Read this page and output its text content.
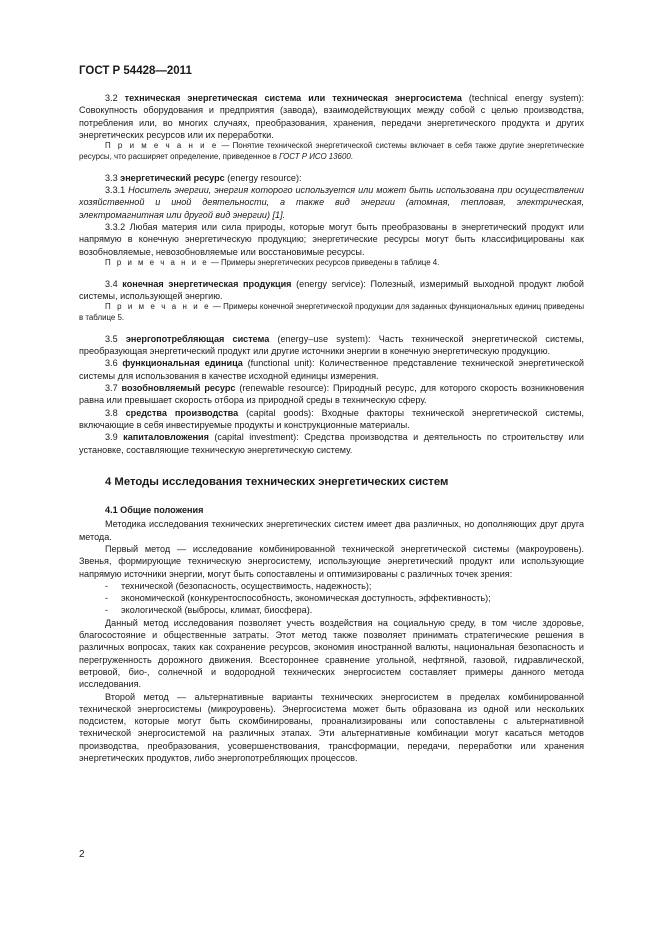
ГОСТ Р 54428—2011

3.2 техническая энергетическая система или техническая энергосистема (technical energy system): Совокупность оборудования и предприятия (завода), взаимодействующих между собой с целью производства, потребления или, во многих случаях, преобразования, хранения, передачи энергетического продукта и других энергетических ресурсов или их переработки.

П р и м е ч а н и е — Понятие технической энергетической системы включает в себя также другие энергетические ресурсы, что расширяет определение, приведенное в ГОСТ Р ИСО 13600.

3.3 энергетический ресурс (energy resource):

3.3.1 Носитель энергии, энергия которого используется или может быть использована при осуществлении хозяйственной и иной деятельности, а также вид энергии (атомная, тепловая, электрическая, электромагнитная или другой вид энергии) [1].

3.3.2 Любая материя или сила природы, которые могут быть преобразованы в энергетический продукт или напрямую в конечную энергетическую продукцию; энергетические ресурсы могут быть классифицированы как возобновляемые, невозобновляемые или восстановимые ресурсы.

П р и м е ч а н и е — Примеры энергетических ресурсов приведены в таблице 4.

3.4 конечная энергетическая продукция (energy service): Полезный, измеримый выходной продукт любой системы, использующей энергию.

П р и м е ч а н и е — Примеры конечной энергетической продукции для заданных функциональных единиц приведены в таблице 5.

3.5 энергопотребляющая система (energy–use system): Часть технической энергетической системы, преобразующая энергетический продукт или другие источники энергии в конечную энергетическую продукцию.

3.6 функциональная единица (functional unit): Количественное представление технической энергетической системы для использования в качестве исходной единицы измерения.

3.7 возобновляемый ресурс (renewable resource): Природный ресурс, для которого скорость возникновения равна или превышает скорость отбора из природной среды в техническую сферу.

3.8 средства производства (capital goods): Входные факторы технической энергетической системы, включающие в себя инвестируемые продукты и конструкционные материалы.

3.9 капиталовложения (capital investment): Средства производства и деятельность по строительству или установке, составляющие техническую энергетическую систему.

4 Методы исследования технических энергетических систем
4.1 Общие положения

Методика исследования технических энергетических систем имеет два различных, но дополняющих друг друга метода.

Первый метод — исследование комбинированной технической энергетической системы (макроуровень). Звенья, формирующие техническую энергосистему, использующие энергетический продукт или использующие напрямую источники энергии, могут быть сопоставлены и оптимизированы с различных точек зрения:

- технической (безопасность, осуществимость, надежность);

- экономической (конкурентоспособность, экономическая доступность, эффективность);

- экологической (выбросы, климат, биосфера).

Данный метод исследования позволяет учесть воздействия на социальную среду, в том числе здоровье, благосостояние и общественные затраты. Этот метод также позволяет принимать стратегические решения в различных вопросах, таких как сохранение ресурсов, экономия иностранной валюты, национальная безопасность и перегруженность дорожного движения. Всестороннее сравнение угольной, нефтяной, газовой, гидравлической, ветровой, био-, солнечной и водородной технических энергосистем составляет примеры данного метода исследования.

Второй метод — альтернативные варианты технических энергосистем в пределах комбинированной технической энергосистемы (микроуровень). Энергосистема может быть образована из одной или нескольких подсистем, которые могут быть скомбинированы, проанализированы или сопоставлены с альтернативной технической энергосистемой на различных этапах. Эти альтернативные комбинации могут касаться методов производства, преобразования, усовершенствования, трансформации, передачи, переработки или хранения энергетических продуктов, либо энергопотребляющих процессов.

2
